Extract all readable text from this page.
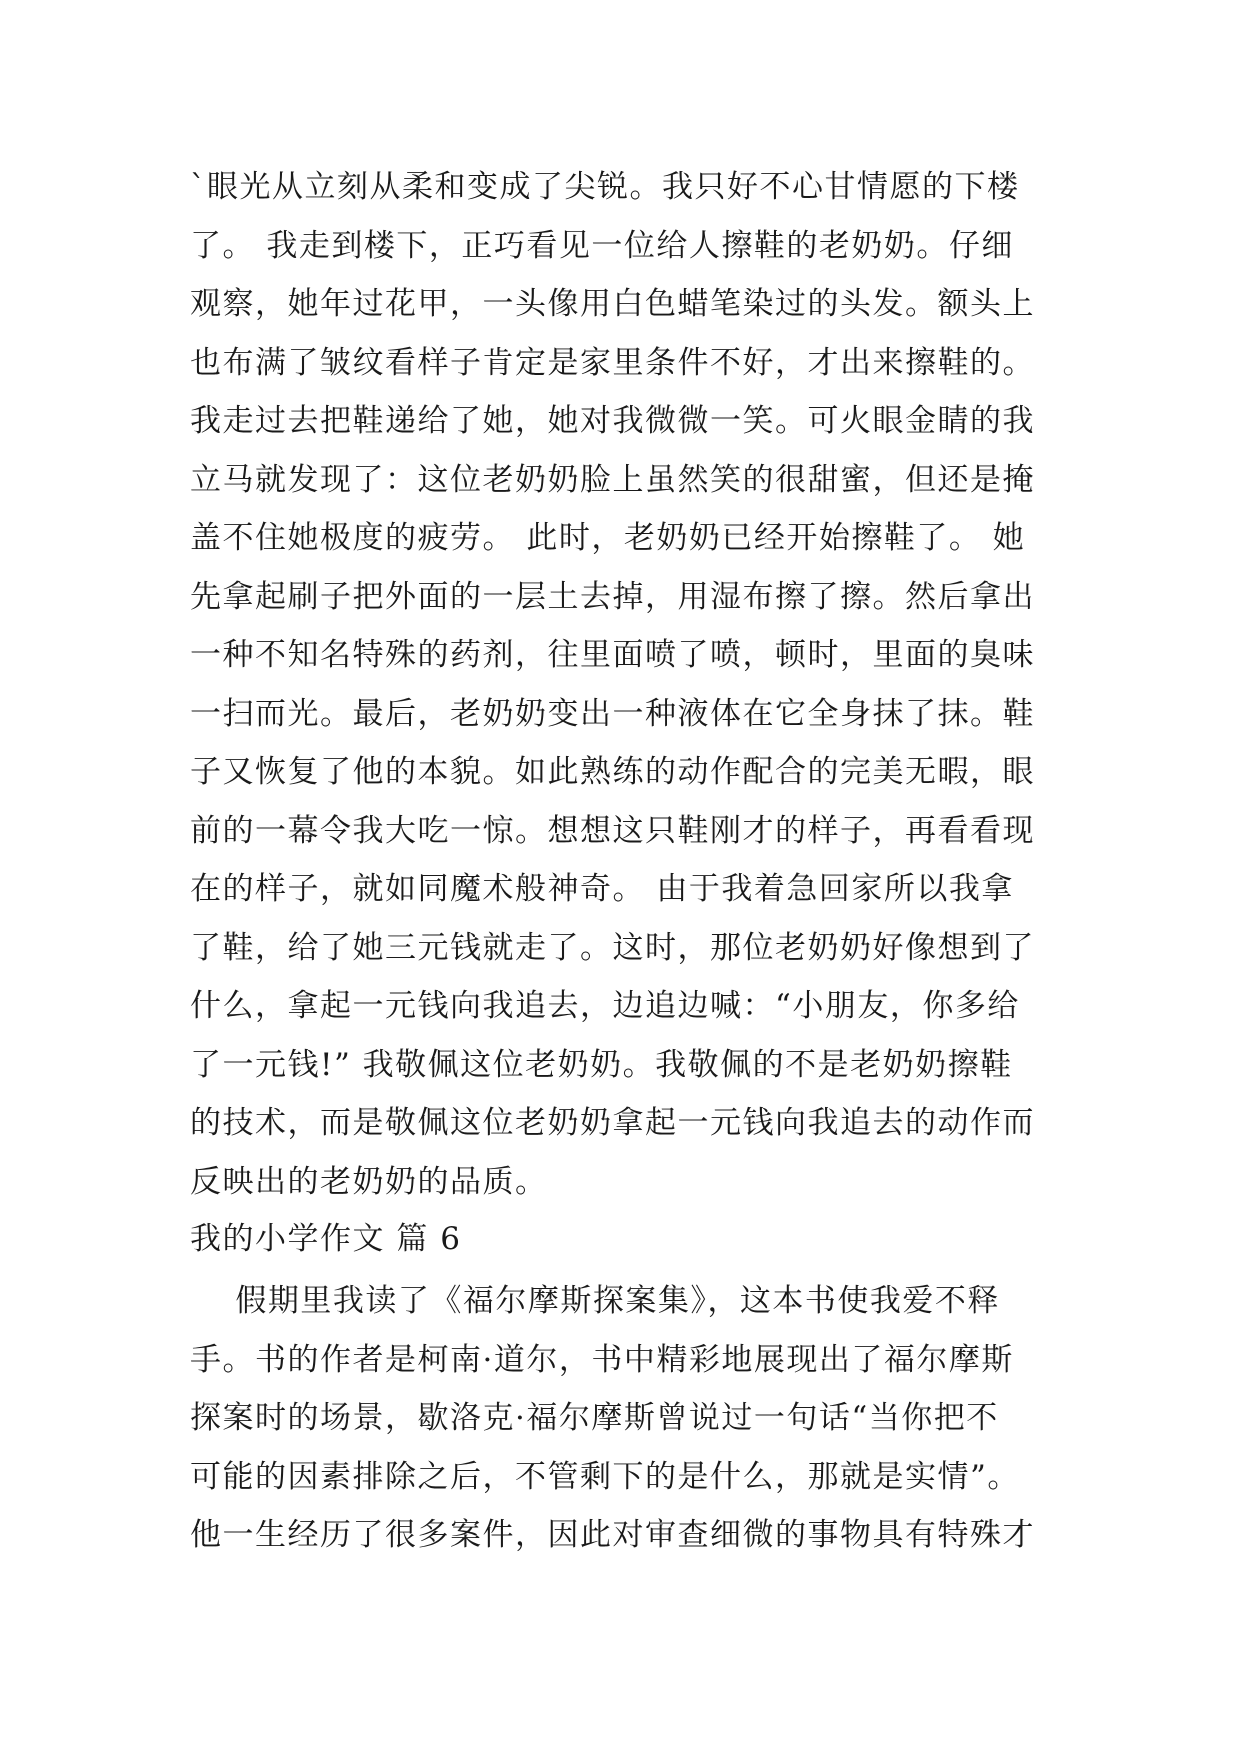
`眼光从立刻从柔和变成了尖锐。我只好不心甘情愿的下楼
了。 我走到楼下，正巧看见一位给人擦鞋的老奶奶。仔细
观察，她年过花甲，一头像用白色蜡笔染过的头发。额头上
也布满了皱纹看样子肯定是家里条件不好，才出来擦鞋的。
我走过去把鞋递给了她，她对我微微一笑。可火眼金睛的我
立马就发现了：这位老奶奶脸上虽然笑的很甜蜜，但还是掩
盖不住她极度的疲劳。 此时，老奶奶已经开始擦鞋了。 她
先拿起刷子把外面的一层土去掉，用湿布擦了擦。然后拿出
一种不知名特殊的药剂，往里面喷了喷，顿时，里面的臭味
一扫而光。最后，老奶奶变出一种液体在它全身抹了抹。鞋
子又恢复了他的本貌。如此熟练的动作配合的完美无暇，眼
前的一幕令我大吃一惊。想想这只鞋刚才的样子，再看看现
在的样子，就如同魔术般神奇。 由于我着急回家所以我拿
了鞋，给了她三元钱就走了。这时，那位老奶奶好像想到了
什么，拿起一元钱向我追去，边追边喊：“小朋友，你多给
了一元钱!” 我敬佩这位老奶奶。我敬佩的不是老奶奶擦鞋
的技术，而是敬佩这位老奶奶拿起一元钱向我追去的动作而
反映出的老奶奶的品质。
我的小学作文 篇 6
假期里我读了《福尔摩斯探案集》，这本书使我爱不释
手。书的作者是柯南·道尔，书中精彩地展现出了福尔摩斯
探案时的场景，歇洛克·福尔摩斯曾说过一句话“当你把不
可能的因素排除之后，不管剩下的是什么，那就是实情”。
他一生经历了很多案件，因此对审查细微的事物具有特殊才
